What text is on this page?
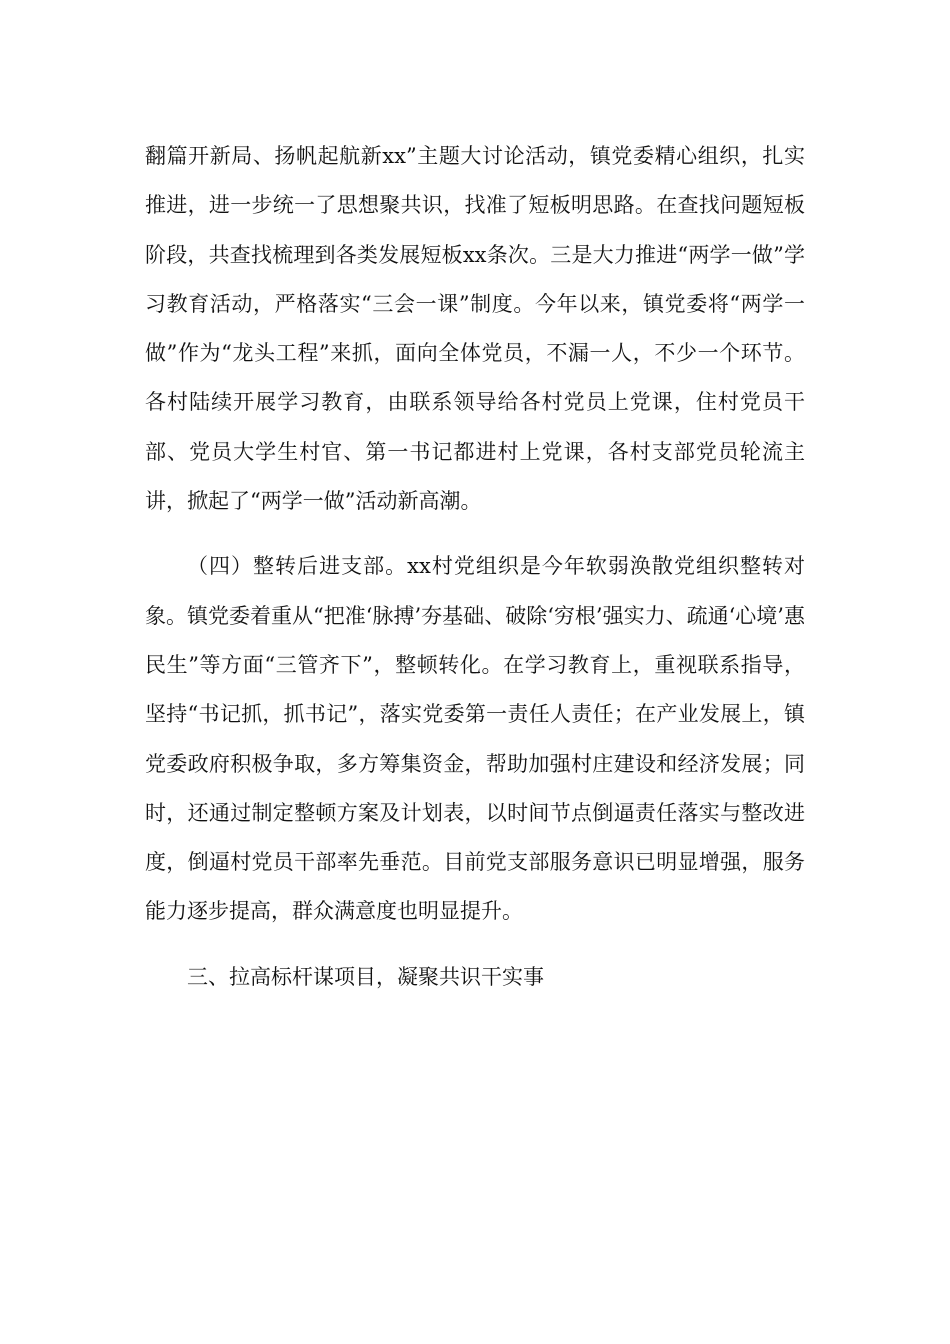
翻篇开新局、扬帆起航新xx”主题大讨论活动，镇党委精心组织，扎实推进，进一步统一了思想聚共识，找准了短板明思路。在查找问题短板阶段，共查找梳理到各类发展短板xx条次。三是大力推进“两学一做”学习教育活动，严格落实“三会一课”制度。今年以来，镇党委将“两学一做”作为“龙头工程”来抓，面向全体党员，不漏一人，不少一个环节。各村陆续开展学习教育，由联系领导给各村党员上党课，住村党员干部、党员大学生村官、第一书记都进村上党课，各村支部党员轮流主讲，掀起了“两学一做”活动新高潮。

（四）整转后进支部。xx村党组织是今年软弱涣散党组织整转对象。镇党委着重从“把准‘脉搏’夯基础、破除‘穷根’强实力、疏通‘心境’惠民生”等方面“三管齐下”，整顿转化。在学习教育上，重视联系指导，坚持“书记抓，抓书记”，落实党委第一责任人责任；在产业发展上，镇党委政府积极争取，多方筹集资金，帮助加强村庄建设和经济发展；同时，还通过制定整顿方案及计划表，以时间节点倒逼责任落实与整改进度，倒逼村党员干部率先垂范。目前党支部服务意识已明显增强，服务能力逐步提高，群众满意度也明显提升。

三、拉高标杆谋项目，凝聚共识干实事
